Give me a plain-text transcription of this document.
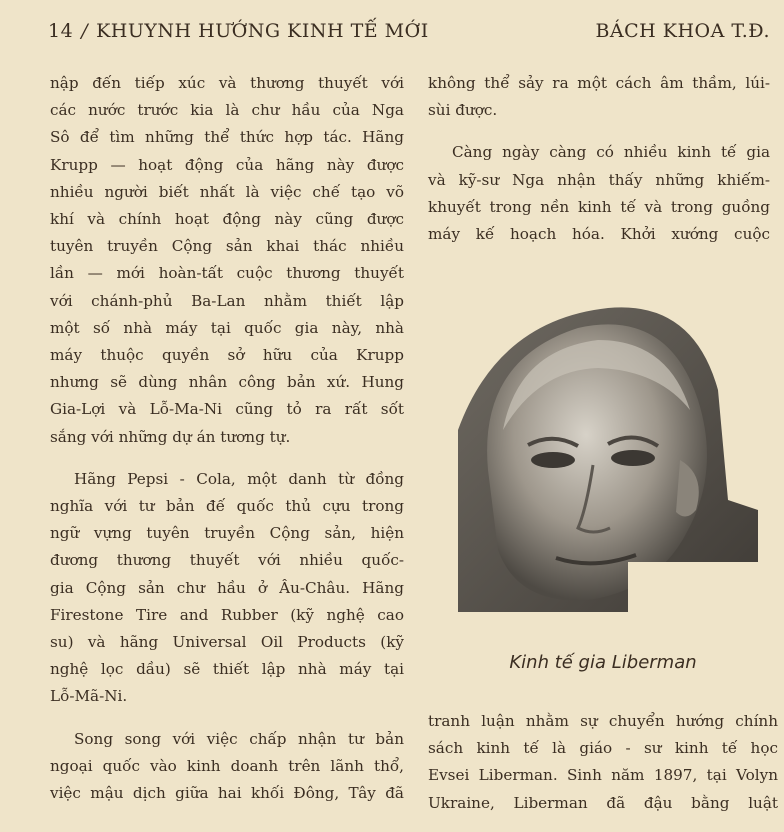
14 / KHUYNH HƯỚNG KINH TẾ MỚI	BÁCH KHOA T.Đ.
nập đến tiếp xúc và thương thuyết với
các nước trước kia là chư hầu của Nga
Sô để tìm những thể thức hợp tác. Hãng
Krupp — hoạt động của hãng này được
nhiều người biết nhất là việc chế tạo võ
khí và chính hoạt động này cũng được
tuyên truyền Cộng sản khai thác nhiều
lần — mới hoàn-tất cuộc thương thuyết
với chánh-phủ Ba-Lan nhằm thiết lập
một số nhà máy tại quốc gia này, nhà
máy thuộc quyền sở hữu của Krupp
nhưng sẽ dùng nhân công bản xứ. Hung
Gia-Lợi và Lỗ-Ma-Ni cũng tỏ ra rất sốt
sắng với những dự án tương tự.
Hãng Pepsi - Cola, một danh từ đồng
nghĩa với tư bản đế quốc thủ cựu trong
ngữ vựng tuyên truyền Cộng sản, hiện
đương thương thuyết với nhiều quốc-
gia Cộng sản chư hầu ở Âu-Châu. Hãng
Firestone Tire and Rubber (kỹ nghệ cao
su) và hãng Universal Oil Products (kỹ
nghệ lọc dầu) sẽ thiết lập nhà máy tại
Lỗ-Mã-Ni.
Song song với việc chấp nhận tư bản
ngoại quốc vào kinh doanh trên lãnh thổ,
việc mậu dịch giữa hai khối Đông, Tây đã
không thể sảy ra một cách âm thầm, lúi-
sùi được.
Càng ngày càng có nhiều kinh tế gia
và kỹ-sư Nga nhận thấy những khiếm-
khuyết trong nền kinh tế và trong guồng
máy kế hoạch hóa. Khởi xướng cuộc
Kinh tế gia Liberman
tranh luận nhằm sự chuyển hướng chính
sách kinh tế là giáo - sư kinh tế học
Evsei Liberman. Sinh năm 1897, tại Volyn
Ukraine, Liberman đã đậu bằng luật
